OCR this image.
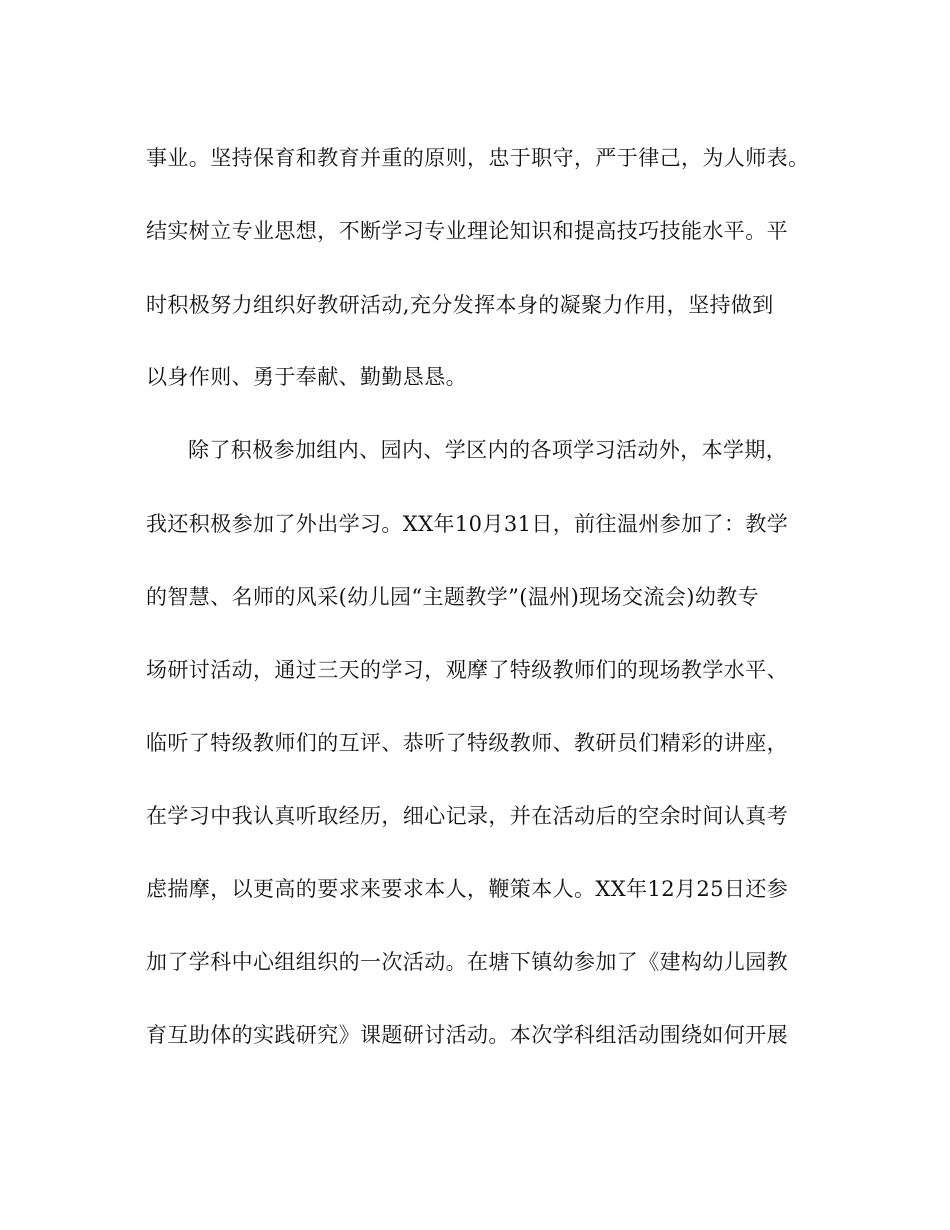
事业。坚持保育和教育并重的原则，忠于职守，严于律己，为人师表。
结实树立专业思想，不断学习专业理论知识和提高技巧技能水平。平
时积极努力组织好教研活动,充分发挥本身的凝聚力作用，坚持做到
以身作则、勇于奉献、勤勤恳恳。
除了积极参加组内、园内、学区内的各项学习活动外，本学期，
我还积极参加了外出学习。XX年10月31日，前往温州参加了：教学
的智慧、名师的风采(幼儿园“主题教学”(温州)现场交流会)幼教专
场研讨活动，通过三天的学习，观摩了特级教师们的现场教学水平、
临听了特级教师们的互评、恭听了特级教师、教研员们精彩的讲座，
在学习中我认真听取经历，细心记录，并在活动后的空余时间认真考
虑揣摩，以更高的要求来要求本人，鞭策本人。XX年12月25日还参
加了学科中心组组织的一次活动。在塘下镇幼参加了《建构幼儿园教
育互助体的实践研究》课题研讨活动。本次学科组活动围绕如何开展
